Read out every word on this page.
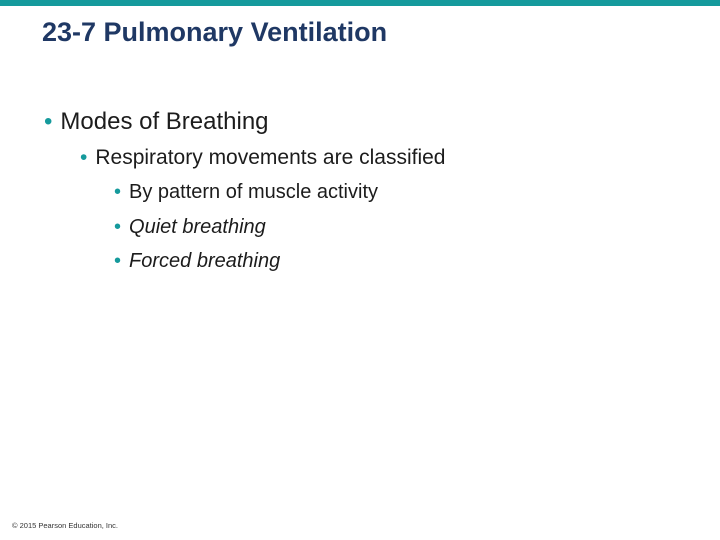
23-7 Pulmonary Ventilation
• Modes of Breathing
• Respiratory movements are classified
• By pattern of muscle activity
• Quiet breathing
• Forced breathing
© 2015 Pearson Education, Inc.
